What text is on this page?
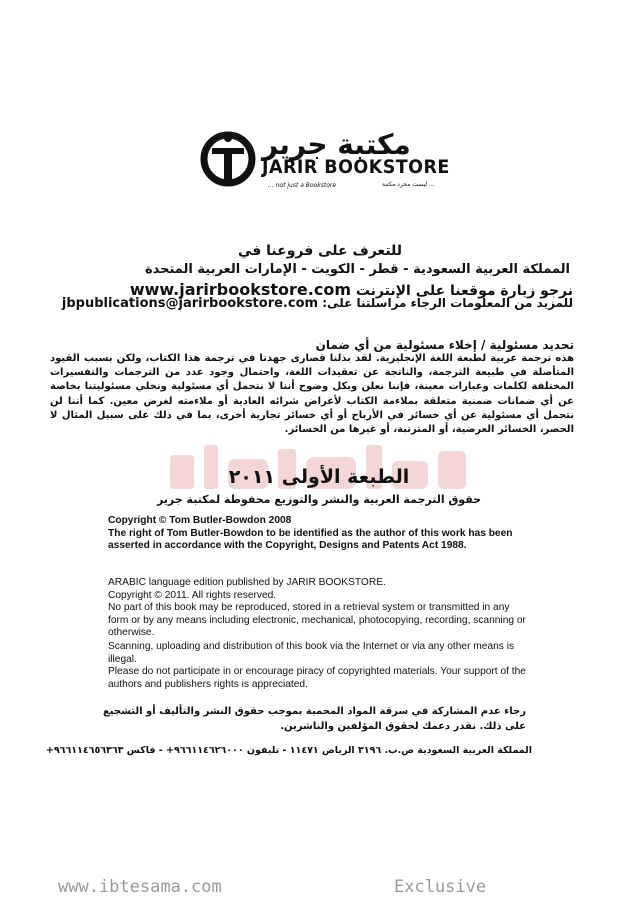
مكتبة جرير
JARIR BOOKSTORE
... not just a Bookstore	... ليست مجرد مكتبة
للتعرف على فروعنا في
المملكة العربية السعودية - قطر - الكويت - الإمارات العربية المتحدة
نرجو زيارة موقعنا على الإنترنت www.jarirbookstore.com
للمزيد من المعلومات الرجاء مراسلتنا على: jbpublications@jarirbookstore.com
تحديد مسئولية / إخلاء مسئولية من أي ضمان
هذه ترجمة عربية لطبعة اللغة الإنجليزية. لقد بذلنا قصارى جهدنا في ترجمة هذا الكتاب، ولكن بسبب القيود المتأصلة في طبيعة الترجمة، والناتجة عن تعقيدات اللغة، واحتمال وجود عدد من الترجمات والتفسيرات المختلفة لكلمات وعبارات معينة، فإننا نعلن وبكل وضوح أننا لا نتحمل أي مسئولية ونخلي مسئوليتنا بخاصة عن أي ضمانات ضمنية متعلقة بملاءمة الكتاب لأغراض شرائه العادية أو ملاءمته لغرض معين. كما أننا لن نتحمل أي مسئولية عن أي خسائر في الأرباح أو أي خسائر تجارية أخرى، بما في ذلك على سبيل المثال لا الحصر، الخسائر العرضية، أو المترتبة، أو غيرها من الخسائر.
الطبعة الأولى ٢٠١١
حقوق الترجمة العربية والنشر والتوزيع محفوظة لمكتبة جرير

Copyright © Tom Butler-Bowdon 2008

The right of Tom Butler-Bowdon to be identified as the author of this work has been asserted in accordance with the Copyright, Designs and Patents Act 1988.

ARABIC language edition published by JARIR BOOKSTORE.

Copyright © 2011. All rights reserved.

No part of this book may be reproduced, stored in a retrieval system or transmitted in any form or by any means including electronic, mechanical, photocopying, recording, scanning or otherwise.

Scanning, uploading and distribution of this book via the Internet or via any other means is illegal.

Please do not participate in or encourage piracy of copyrighted materials. Your support of the authors and publishers rights is appreciated.

رجاء عدم المشاركة في سرقة المواد المحمية بموجب حقوق النشر والتأليف أو التشجيع على ذلك. نقدر دعمك لحقوق المؤلفين والناشرين.
المملكة العربية السعودية ص.ب. ٣١٩٦ الرياض ١١٤٧١ - تليفون ٩٦٦١١٤٦٢٦٠٠٠+ - فاكس ٩٦٦١١٤٦٥٦٣٦٣+
www.ibtesama.com	Exclusive
